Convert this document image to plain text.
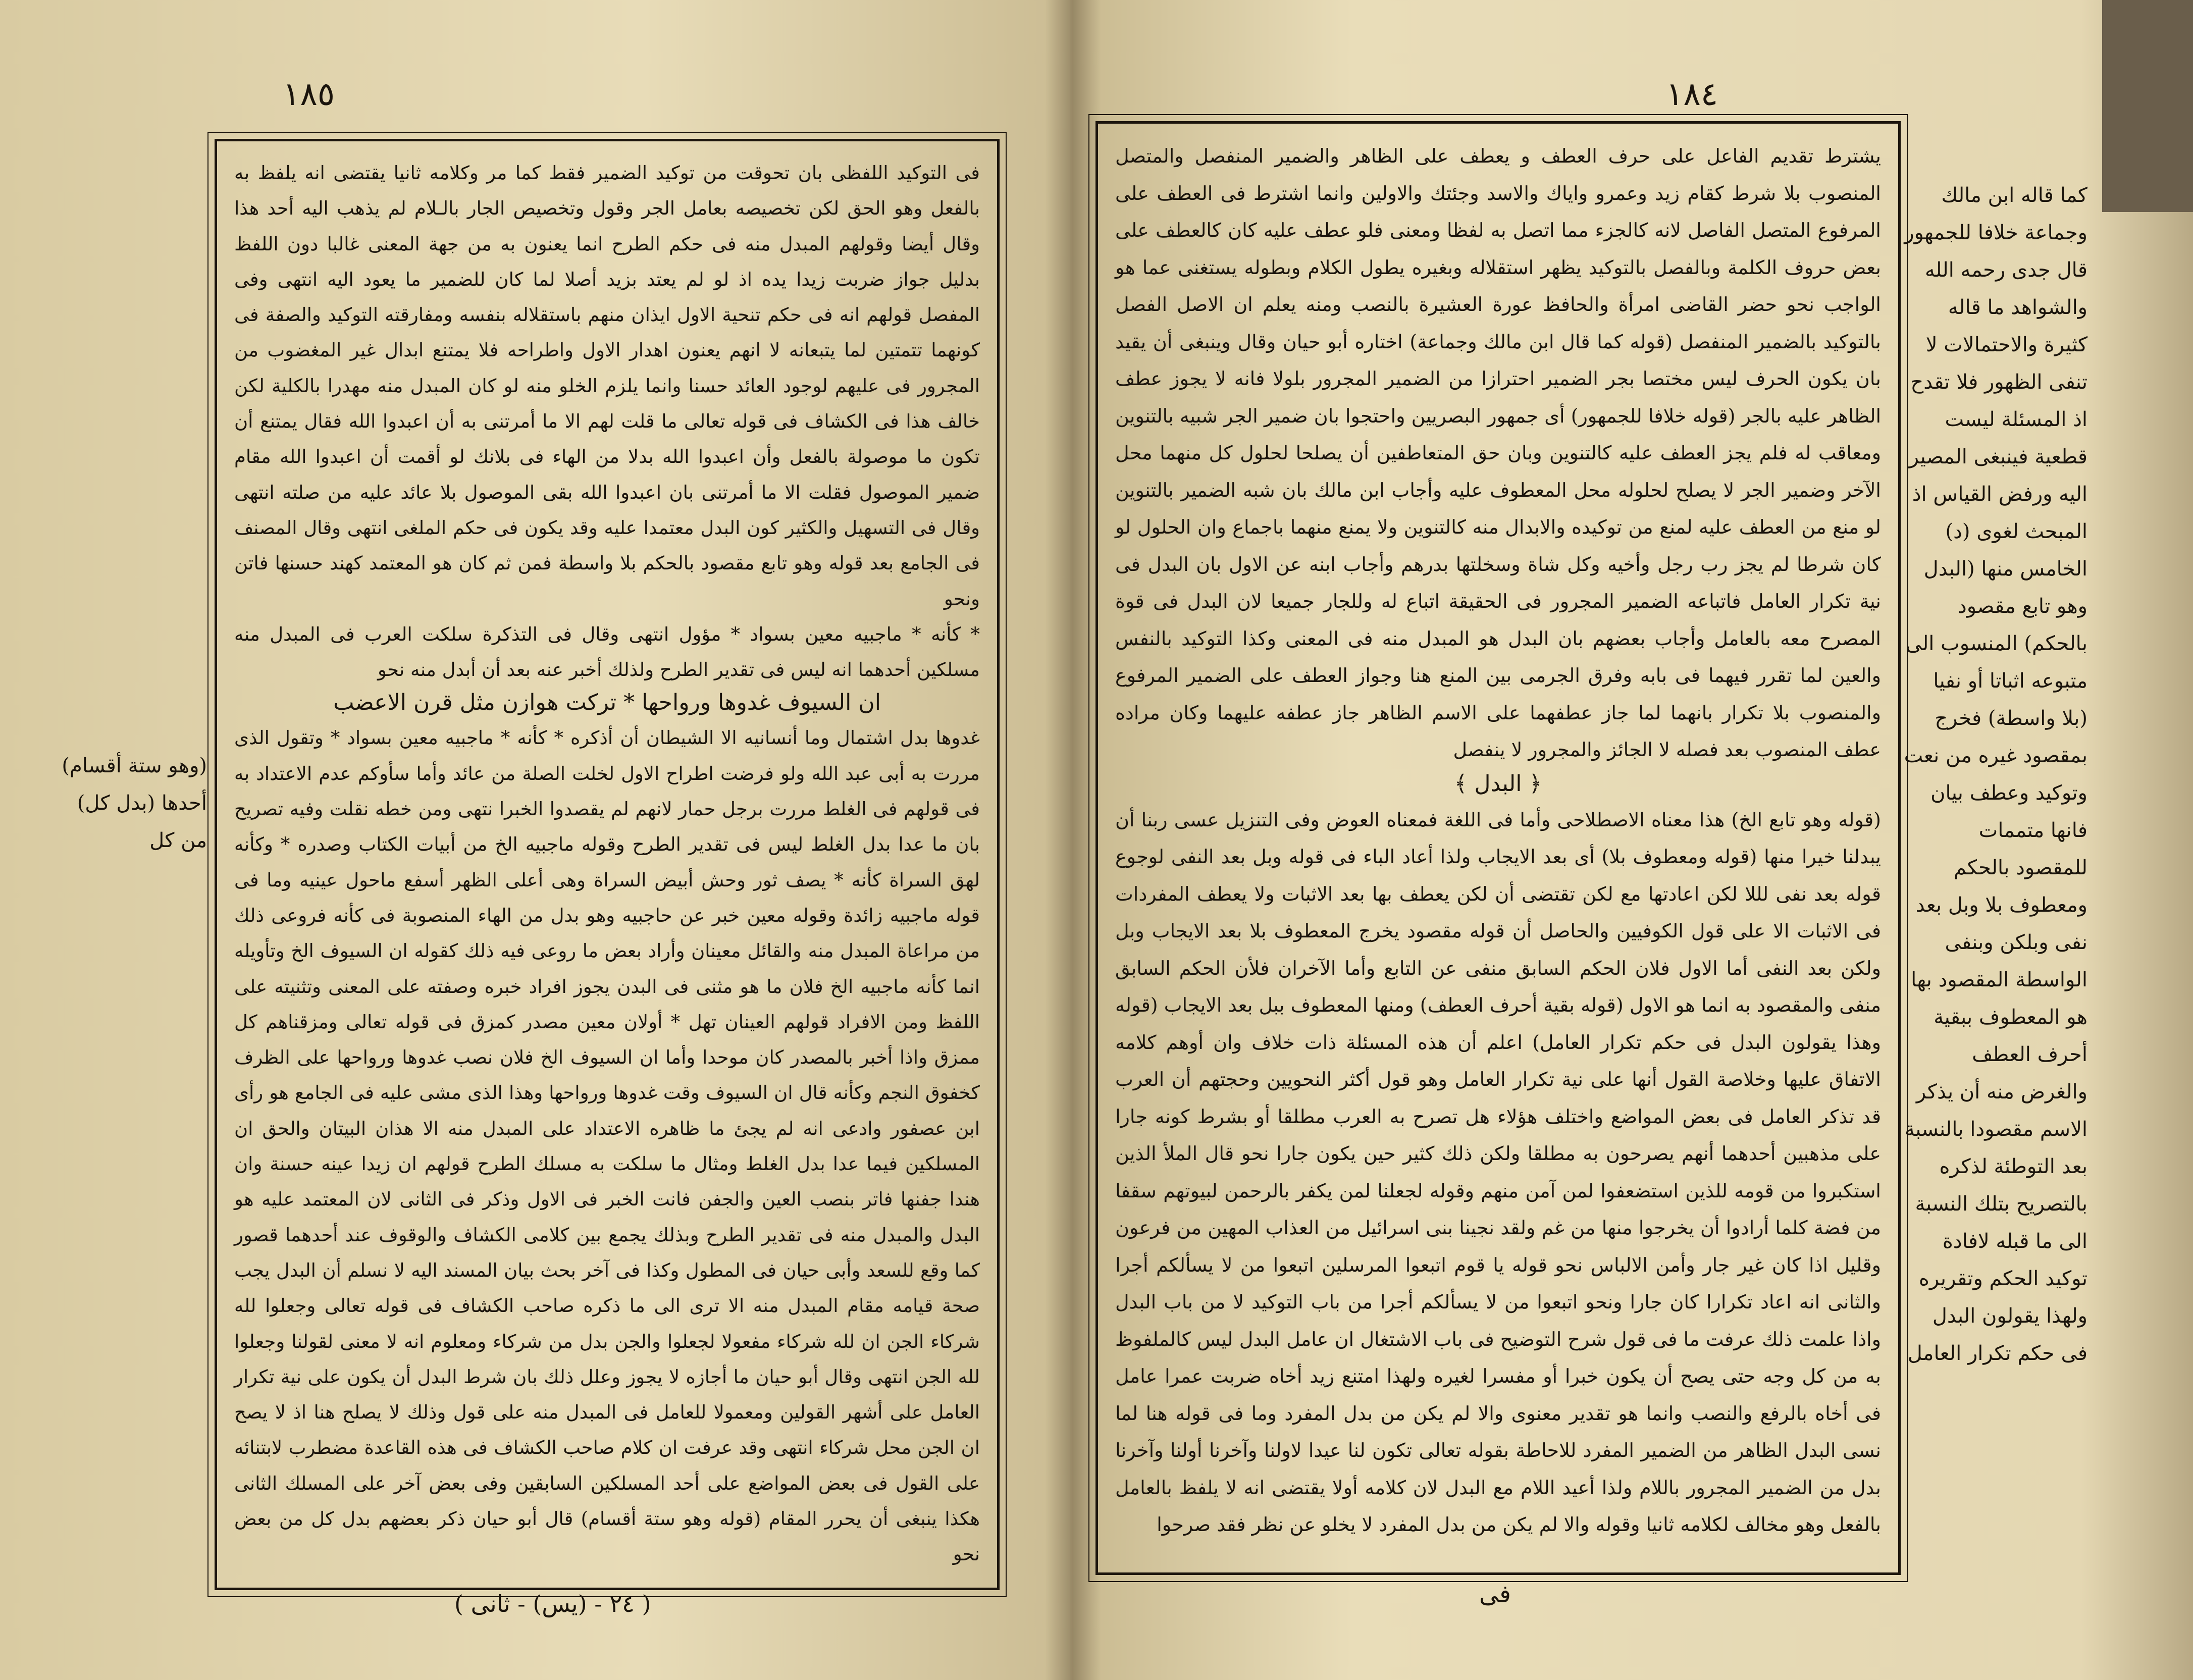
١٨٥

فى التوكيد اللفظى بان تحوقت من توكيد الضمير فقط كما مر وكلامه ثانيا يقتضى انه يلفظ به بالفعل وهو الحق لكن تخصيصه بعامل الجر وقول وتخصيص الجار بالـلام لم يذهب اليه أحد هذا وقال أيضا وقولهم المبدل منه فى حكم الطرح انما يعنون به من جهة المعنى غالبا دون اللفظ بدليل جواز ضربت زيدا يده اذ لو لم يعتد بزيد أصلا لما كان للضمير ما يعود اليه انتهى وفى المفصل قولهم انه فى حكم تنحية الاول ايذان منهم باستقلاله بنفسه ومفارقته التوكيد والصفة فى كونهما تتمتين لما يتبعانه لا انهم يعنون اهدار الاول واطراحه فلا يمتنع ابدال غير المغضوب من المجرور فى عليهم لوجود العائد حسنا وانما يلزم الخلو منه لو كان المبدل منه مهدرا بالكلية لكن خالف هذا فى الكشاف فى قوله تعالى ما قلت لهم الا ما أمرتنى به أن اعبدوا الله فقال يمتنع أن تكون ما موصولة بالفعل وأن اعبدوا الله بدلا من الهاء فى بلانك لو أقمت أن اعبدوا الله مقام ضمير الموصول فقلت الا ما أمرتنى بان اعبدوا الله بقى الموصول بلا عائد عليه من صلته انتهى وقال فى التسهيل والكثير كون البدل معتمدا عليه وقد يكون فى حكم الملغى انتهى وقال المصنف فى الجامع بعد قوله وهو تابع مقصود بالحكم بلا واسطة فمن ثم كان هو المعتمد كهند حسنها فاتن ونحو

* كأنه * ماجبيه معين بسواد * مؤول انتهى وقال فى التذكرة سلكت العرب فى المبدل منه مسلكين أحدهما انه ليس فى تقدير الطرح ولذلك أخبر عنه بعد أن أبدل منه نحو

ان السيوف غدوها ورواحها * تركت هوازن مثل قرن الاعضب

غدوها بدل اشتمال وما أنسانيه الا الشيطان أن أذكره * كأنه * ماجبيه معين بسواد * وتقول الذى مررت به أبى عبد الله ولو فرضت اطراح الاول لخلت الصلة من عائد وأما سأوكم عدم الاعتداد به فى قولهم فى الغلط مررت برجل حمار لانهم لم يقصدوا الخبرا نتهى ومن خطه نقلت وفيه تصريح بان ما عدا بدل الغلط ليس فى تقدير الطرح وقوله ماجبيه الخ من أبيات الكتاب وصدره * وكأنه لهق السراة كأنه * يصف ثور وحش أبيض السراة وهى أعلى الظهر أسفع ماحول عينيه وما فى قوله ماجبيه زائدة وقوله معين خبر عن حاجبيه وهو بدل من الهاء المنصوبة فى كأنه فروعى ذلك من مراعاة المبدل منه والقائل معينان وأراد بعض ما روعى فيه ذلك كقوله ان السيوف الخ وتأويله انما كأنه ماجبيه الخ فلان ما هو مثنى فى البدن يجوز افراد خبره وصفته على المعنى وتثنيته على اللفظ ومن الافراد قولهم العينان تهل * أولان معين مصدر كمزق فى قوله تعالى ومزقناهم كل ممزق واذا أخبر بالمصدر كان موحدا وأما ان السيوف الخ فلان نصب غدوها ورواحها على الظرف كخفوق النجم وكأنه قال ان السيوف وقت غدوها ورواحها وهذا الذى مشى عليه فى الجامع هو رأى ابن عصفور وادعى انه لم يجئ ما ظاهره الاعتداد على المبدل منه الا هذان البيتان والحق ان المسلكين فيما عدا بدل الغلط ومثال ما سلكت به مسلك الطرح قولهم ان زيدا عينه حسنة وان هندا جفنها فاتر بنصب العين والجفن فانت الخبر فى الاول وذكر فى الثانى لان المعتمد عليه هو البدل والمبدل منه فى تقدير الطرح وبذلك يجمع بين كلامى الكشاف والوقوف عند أحدهما قصور كما وقع للسعد وأبى حيان فى المطول وكذا فى آخر بحث بيان المسند اليه لا نسلم أن البدل يجب صحة قيامه مقام المبدل منه الا ترى الى ما ذكره صاحب الكشاف فى قوله تعالى وجعلوا لله شركاء الجن ان لله شركاء مفعولا لجعلوا والجن بدل من شركاء ومعلوم انه لا معنى لقولنا وجعلوا لله الجن انتهى وقال أبو حيان ما أجازه لا يجوز وعلل ذلك بان شرط البدل أن يكون على نية تكرار العامل على أشهر القولين ومعمولا للعامل فى المبدل منه على قول وذلك لا يصلح هنا اذ لا يصح ان الجن محل شركاء انتهى وقد عرفت ان كلام صاحب الكشاف فى هذه القاعدة مضطرب لابتنائه على القول فى بعض المواضع على أحد المسلكين السابقين وفى بعض آخر على المسلك الثانى هكذا ينبغى أن يحرر المقام (قوله وهو ستة أقسام) قال أبو حيان ذكر بعضهم بدل كل من بعض نحو

(وهو ستة أقسام) أحدها (بدل كل) من كل
( ٢٤ - (يس) - ثانى )
١٨٤

يشترط تقديم الفاعل على حرف العطف و يعطف على الظاهر والضمير المنفصل والمتصل المنصوب بلا شرط كقام زيد وعمرو واياك والاسد وجئتك والاولين وانما اشترط فى العطف على المرفوع المتصل الفاصل لانه كالجزء مما اتصل به لفظا ومعنى فلو عطف عليه كان كالعطف على بعض حروف الكلمة وبالفصل بالتوكيد يظهر استقلاله وبغيره يطول الكلام وبطوله يستغنى عما هو الواجب نحو حضر القاضى امرأة والحافظ عورة العشيرة بالنصب ومنه يعلم ان الاصل الفصل بالتوكيد بالضمير المنفصل (قوله كما قال ابن مالك وجماعة) اختاره أبو حيان وقال وينبغى أن يقيد بان يكون الحرف ليس مختصا بجر الضمير احترازا من الضمير المجرور بلولا فانه لا يجوز عطف الظاهر عليه بالجر (قوله خلافا للجمهور) أى جمهور البصريين واحتجوا بان ضمير الجر شبيه بالتنوين ومعاقب له فلم يجز العطف عليه كالتنوين وبان حق المتعاطفين أن يصلحا لحلول كل منهما محل الآخر وضمير الجر لا يصلح لحلوله محل المعطوف عليه وأجاب ابن مالك بان شبه الضمير بالتنوين لو منع من العطف عليه لمنع من توكيده والابدال منه كالتنوين ولا يمنع منهما باجماع وان الحلول لو كان شرطا لم يجز رب رجل وأخيه وكل شاة وسخلتها بدرهم وأجاب ابنه عن الاول بان البدل فى نية تكرار العامل فاتباعه الضمير المجرور فى الحقيقة اتباع له وللجار جميعا لان البدل فى قوة المصرح معه بالعامل وأجاب بعضهم بان البدل هو المبدل منه فى المعنى وكذا التوكيد بالنفس والعين لما تقرر فيهما فى بابه وفرق الجرمى بين المنع هنا وجواز العطف على الضمير المرفوع والمنصوب بلا تكرار بانهما لما جاز عطفهما على الاسم الظاهر جاز عطفه عليهما وكان مراده عطف المنصوب بعد فصله لا الجائز والمجرور لا ينفصل

﴿ البدل ﴾

(قوله وهو تابع الخ) هذا معناه الاصطلاحى وأما فى اللغة فمعناه العوض وفى التنزيل عسى ربنا أن يبدلنا خيرا منها (قوله ومعطوف بلا) أى بعد الايجاب ولذا أعاد الباء فى قوله وبل بعد النفى لوجوع قوله بعد نفى لللا لكن اعادتها مع لكن تقتضى أن لكن يعطف بها بعد الاثبات ولا يعطف المفردات فى الاثبات الا على قول الكوفيين والحاصل أن قوله مقصود يخرج المعطوف بلا بعد الايجاب وبل ولكن بعد النفى أما الاول فلان الحكم السابق منفى عن التابع وأما الآخران فلأن الحكم السابق منفى والمقصود به انما هو الاول (قوله بقية أحرف العطف) ومنها المعطوف ببل بعد الايجاب (قوله وهذا يقولون البدل فى حكم تكرار العامل) اعلم أن هذه المسئلة ذات خلاف وان أوهم كلامه الاتفاق عليها وخلاصة القول أنها على نية تكرار العامل وهو قول أكثر النحويين وحجتهم أن العرب قد تذكر العامل فى بعض المواضع واختلف هؤلاء هل تصرح به العرب مطلقا أو بشرط كونه جارا على مذهبين أحدهما أنهم يصرحون به مطلقا ولكن ذلك كثير حين يكون جارا نحو قال الملأ الذين استكبروا من قومه للذين استضعفوا لمن آمن منهم وقوله لجعلنا لمن يكفر بالرحمن لبيوتهم سقفا من فضة كلما أرادوا أن يخرجوا منها من غم ولقد نجينا بنى اسرائيل من العذاب المهين من فرعون وقليل اذا كان غير جار وأمن الالباس نحو قوله يا قوم اتبعوا المرسلين اتبعوا من لا يسألكم أجرا والثانى انه اعاد تكرارا كان جارا ونحو اتبعوا من لا يسألكم أجرا من باب التوكيد لا من باب البدل واذا علمت ذلك عرفت ما فى قول شرح التوضيح فى باب الاشتغال ان عامل البدل ليس كالملفوظ به من كل وجه حتى يصح أن يكون خبرا أو مفسرا لغيره ولهذا امتنع زيد أخاه ضربت عمرا عامل فى أخاه بالرفع والنصب وانما هو تقدير معنوى والا لم يكن من بدل المفرد وما فى قوله هنا لما نسى البدل الظاهر من الضمير المفرد للاحاطة بقوله تعالى تكون لنا عيدا لاولنا وآخرنا أولنا وآخرنا بدل من الضمير المجرور باللام ولذا أعيد اللام مع البدل لان كلامه أولا يقتضى انه لا يلفظ بالعامل بالفعل وهو مخالف لكلامه ثانيا وقوله والا لم يكن من بدل المفرد لا يخلو عن نظر فقد صرحوا

كما قاله ابن مالك وجماعة خلافا للجمهور قال جدى رحمه الله والشواهد ما قاله كثيرة والاحتمالات لا تنفى الظهور فلا تقدح اذ المسئلة ليست قطعية فينبغى المصير اليه ورفض القياس اذ المبحث لغوى (د) الخامس منها (البدل وهو تابع مقصود بالحكم) المنسوب الى متبوعه اثباتا أو نفيا (بلا واسطة) فخرج بمقصود غيره من نعت وتوكيد وعطف بيان فانها متممات للمقصود بالحكم ومعطوف بلا وبل بعد نفى وبلكن وبنفى الواسطة المقصود بها هو المعطوف ببقية أحرف العطف والغرض منه أن يذكر الاسم مقصودا بالنسبة بعد التوطئة لذكره بالتصريح بتلك النسبة الى ما قبله لافادة توكيد الحكم وتقريره ولهذا يقولون البدل فى حكم تكرار العامل
فى
